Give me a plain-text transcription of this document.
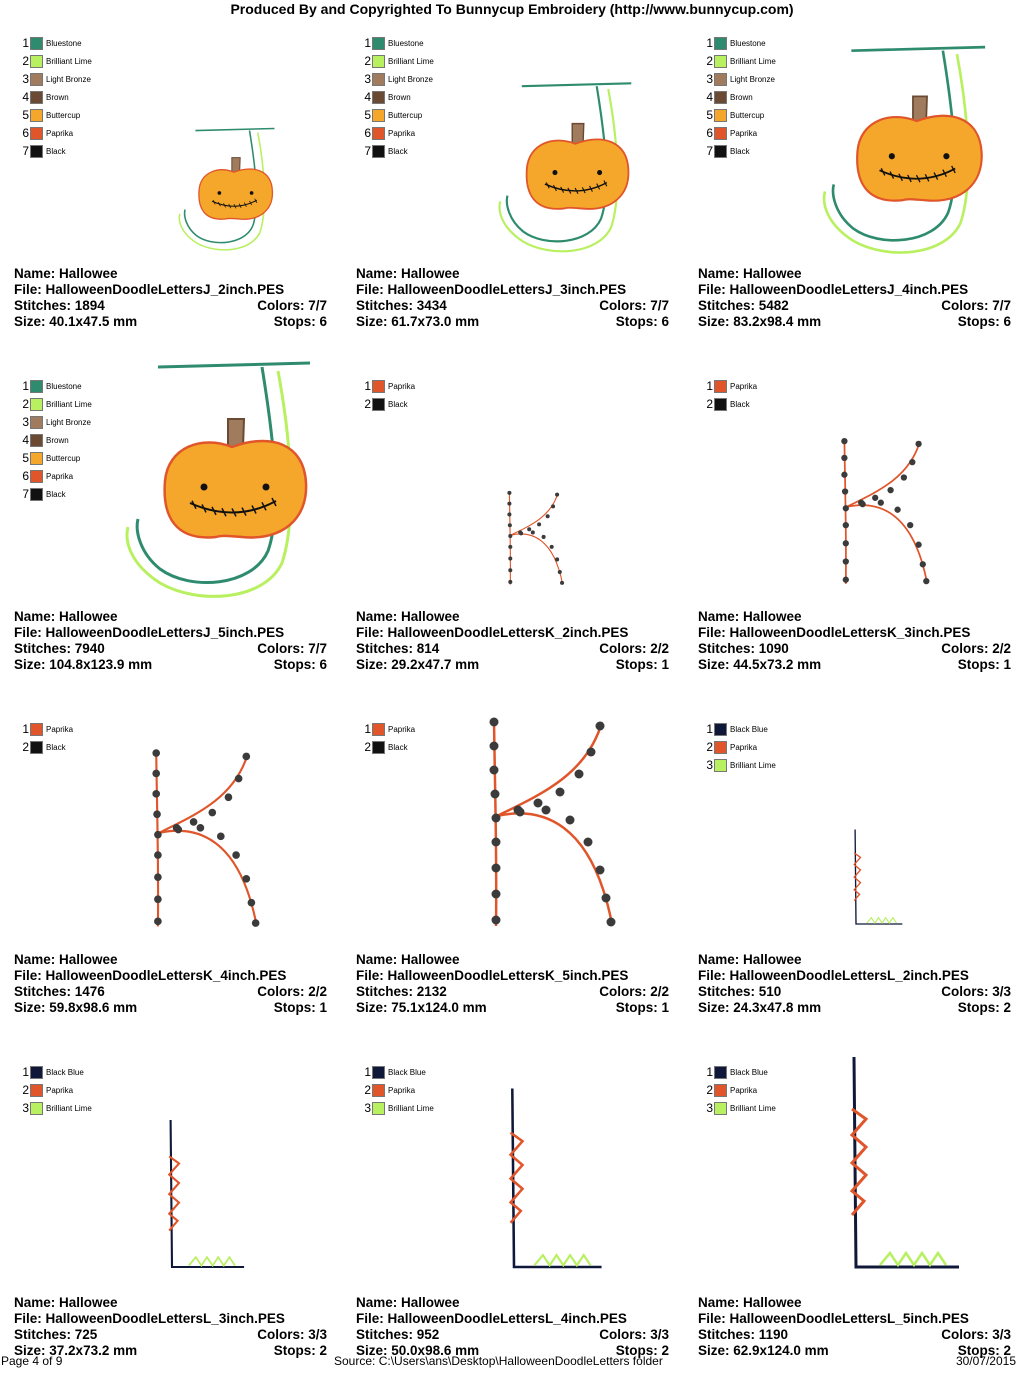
Produced By and Copyrighted To Bunnycup Embroidery (http://www.bunnycup.com)
1 Bluestone
2 Brilliant Lime
3 Light Bronze
4 Brown
5 Buttercup
6 Paprika
7 Black
Name: Hallowee
File: HalloweenDoodleLettersJ_2inch.PES
Stitches: 1894	Colors: 7/7
Size: 40.1x47.5 mm	Stops: 6
1 Bluestone
2 Brilliant Lime
3 Light Bronze
4 Brown
5 Buttercup
6 Paprika
7 Black
Name: Hallowee
File: HalloweenDoodleLettersJ_3inch.PES
Stitches: 3434	Colors: 7/7
Size: 61.7x73.0 mm	Stops: 6
1 Bluestone
2 Brilliant Lime
3 Light Bronze
4 Brown
5 Buttercup
6 Paprika
7 Black
Name: Hallowee
File: HalloweenDoodleLettersJ_4inch.PES
Stitches: 5482	Colors: 7/7
Size: 83.2x98.4 mm	Stops: 6
1 Bluestone
2 Brilliant Lime
3 Light Bronze
4 Brown
5 Buttercup
6 Paprika
7 Black
Name: Hallowee
File: HalloweenDoodleLettersJ_5inch.PES
Stitches: 7940	Colors: 7/7
Size: 104.8x123.9 mm	Stops: 6
1 Paprika
2 Black
Name: Hallowee
File: HalloweenDoodleLettersK_2inch.PES
Stitches: 814	Colors: 2/2
Size: 29.2x47.7 mm	Stops: 1
1 Paprika
2 Black
Name: Hallowee
File: HalloweenDoodleLettersK_3inch.PES
Stitches: 1090	Colors: 2/2
Size: 44.5x73.2 mm	Stops: 1
1 Paprika
2 Black
Name: Hallowee
File: HalloweenDoodleLettersK_4inch.PES
Stitches: 1476	Colors: 2/2
Size: 59.8x98.6 mm	Stops: 1
1 Paprika
2 Black
Name: Hallowee
File: HalloweenDoodleLettersK_5inch.PES
Stitches: 2132	Colors: 2/2
Size: 75.1x124.0 mm	Stops: 1
1 Black Blue
2 Paprika
3 Brilliant Lime
Name: Hallowee
File: HalloweenDoodleLettersL_2inch.PES
Stitches: 510	Colors: 3/3
Size: 24.3x47.8 mm	Stops: 2
1 Black Blue
2 Paprika
3 Brilliant Lime
Name: Hallowee
File: HalloweenDoodleLettersL_3inch.PES
Stitches: 725	Colors: 3/3
Size: 37.2x73.2 mm	Stops: 2
1 Black Blue
2 Paprika
3 Brilliant Lime
Name: Hallowee
File: HalloweenDoodleLettersL_4inch.PES
Stitches: 952	Colors: 3/3
Size: 50.0x98.6 mm	Stops: 2
1 Black Blue
2 Paprika
3 Brilliant Lime
Name: Hallowee
File: HalloweenDoodleLettersL_5inch.PES
Stitches: 1190	Colors: 3/3
Size: 62.9x124.0 mm	Stops: 2
Page 4 of 9	Source: C:\Users\ans\Desktop\HalloweenDoodleLetters folder	30/07/2015
